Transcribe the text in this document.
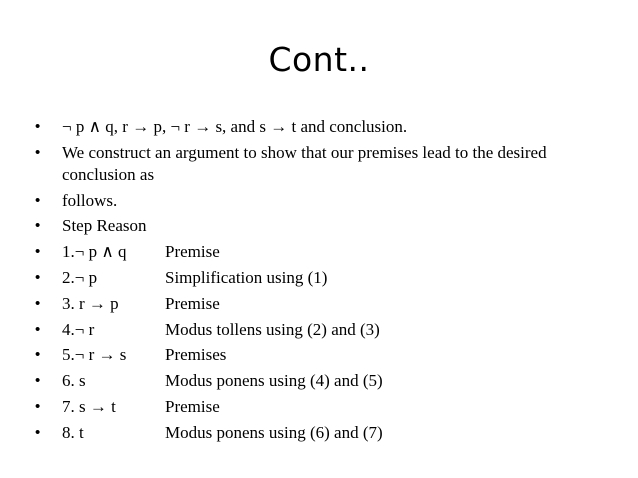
Cont..
• ¬ p ∧ q, r → p, ¬ r → s, and s → t and conclusion.
• We construct an argument to show that our premises lead to the desired conclusion as
• follows.
• Step Reason
• 1.¬ p ∧ q Premise
• 2.¬ p	Simplification using (1)
• 3. r → p	Premise
• 4.¬ r	Modus tollens using (2) and (3)
• 5.¬ r → s Premises
• 6. s	Modus ponens using (4) and (5)
• 7. s → t	Premise
• 8. t	Modus ponens using (6) and (7)
